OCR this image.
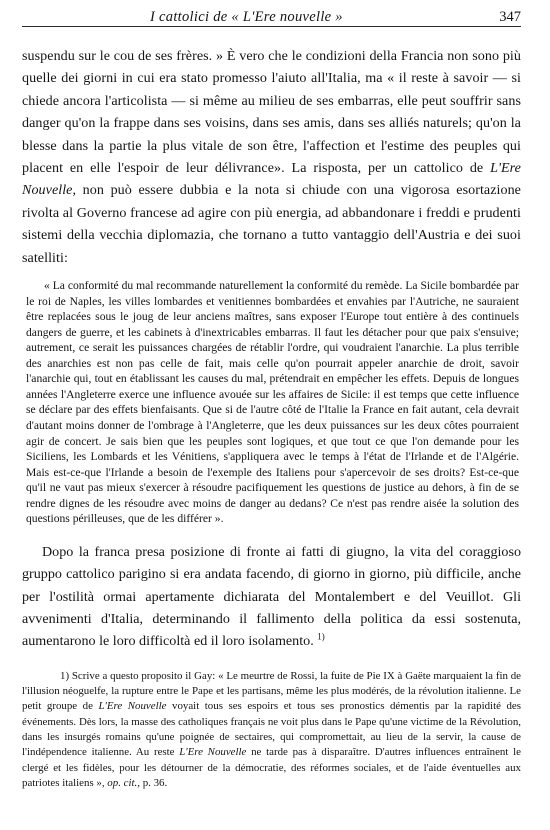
I cattolici de « L'Ere nouvelle »	347

suspendu sur le cou de ses frères. » È vero che le condizioni della Francia non sono più quelle dei giorni in cui era stato promesso l'aiuto all'Italia, ma « il reste à savoir — si chiede ancora l'articolista — si même au milieu de ses embarras, elle peut souffrir sans danger qu'on la frappe dans ses voisins, dans ses amis, dans ses alliés naturels; qu'on la blesse dans la partie la plus vitale de son être, l'affection et l'estime des peuples qui placent en elle l'espoir de leur délivrance». La risposta, per un cattolico de L'Ere Nouvelle, non può essere dubbia e la nota si chiude con una vigorosa esortazione rivolta al Governo francese ad agire con più energia, ad abbandonare i freddi e prudenti sistemi della vecchia diplomazia, che tornano a tutto vantaggio dell'Austria e dei suoi satelliti:

« La conformité du mal recommande naturellement la conformité du remède. La Sicile bombardée par le roi de Naples, les villes lombardes et venitiennes bombardées et envahies par l'Autriche, ne sauraient être replacées sous le joug de leur anciens maîtres, sans exposer l'Europe tout entière à des continuels dangers de guerre, et les cabinets à d'inextricables embarras. Il faut les détacher pour que paix s'ensuive; autrement, ce serait les puissances chargées de rétablir l'ordre, qui voudraient l'anarchie. La plus terrible des anarchies est non pas celle de fait, mais celle qu'on pourrait appeler anarchie de droit, savoir l'anarchie qui, tout en établissant les causes du mal, prétendrait en empêcher les effets. Depuis de longues années l'Angleterre exerce une influence avouée sur les affaires de Sicile: il est temps que cette influence se déclare par des effets bienfaisants. Que si de l'autre côté de l'Italie la France en fait autant, cela devrait d'autant moins donner de l'ombrage à l'Angleterre, que les deux puissances sur les deux côtes pourraient agir de concert. Je sais bien que les peuples sont logiques, et que tout ce que l'on demande pour les Siciliens, les Lombards et les Vénitiens, s'appliquera avec le temps à l'état de l'Irlande et de l'Algérie. Mais est-ce-que l'Irlande a besoin de l'exemple des Italiens pour s'apercevoir de ses droits? Est-ce-que qu'il ne vaut pas mieux s'exercer à résoudre pacifiquement les questions de justice au dehors, à fin de se rendre dignes de les résoudre avec moins de danger au dedans? Ce n'est pas rendre aisée la solution des questions périlleuses, que de les différer ».

Dopo la franca presa posizione di fronte ai fatti di giugno, la vita del coraggioso gruppo cattolico parigino si era andata facendo, di giorno in giorno, più difficile, anche per l'ostilità ormai apertamente dichiarata del Montalembert e del Veuillot. Gli avvenimenti d'Italia, determinando il fallimento della politica da essi sostenuta, aumentarono le loro difficoltà ed il loro isolamento. $^{1)}$

1) Scrive a questo proposito il Gay: « Le meurtre de Rossi, la fuite de Pie IX à Gaëte marquaient la fin de l'illusion néoguelfe, la rupture entre le Pape et les partisans, même les plus modérés, de la révolution italienne. Le petit groupe de L'Ere Nouvelle voyait tous ses espoirs et tous ses pronostics démentis par la rapidité des événements. Dès lors, la masse des catholiques français ne voit plus dans le Pape qu'une victime de la Révolution, dans les insurgés romains qu'une poignée de sectaires, qui compromettait, au lieu de la servir, la cause de l'indépendence italienne. Au reste L'Ere Nouvelle ne tarde pas à disparaître. D'autres influences entraînent le clergé et les fidèles, pour les détourner de la démocratie, des réformes sociales, et de l'aide éventuelles aux patriotes italiens », op. cit., p. 36.
